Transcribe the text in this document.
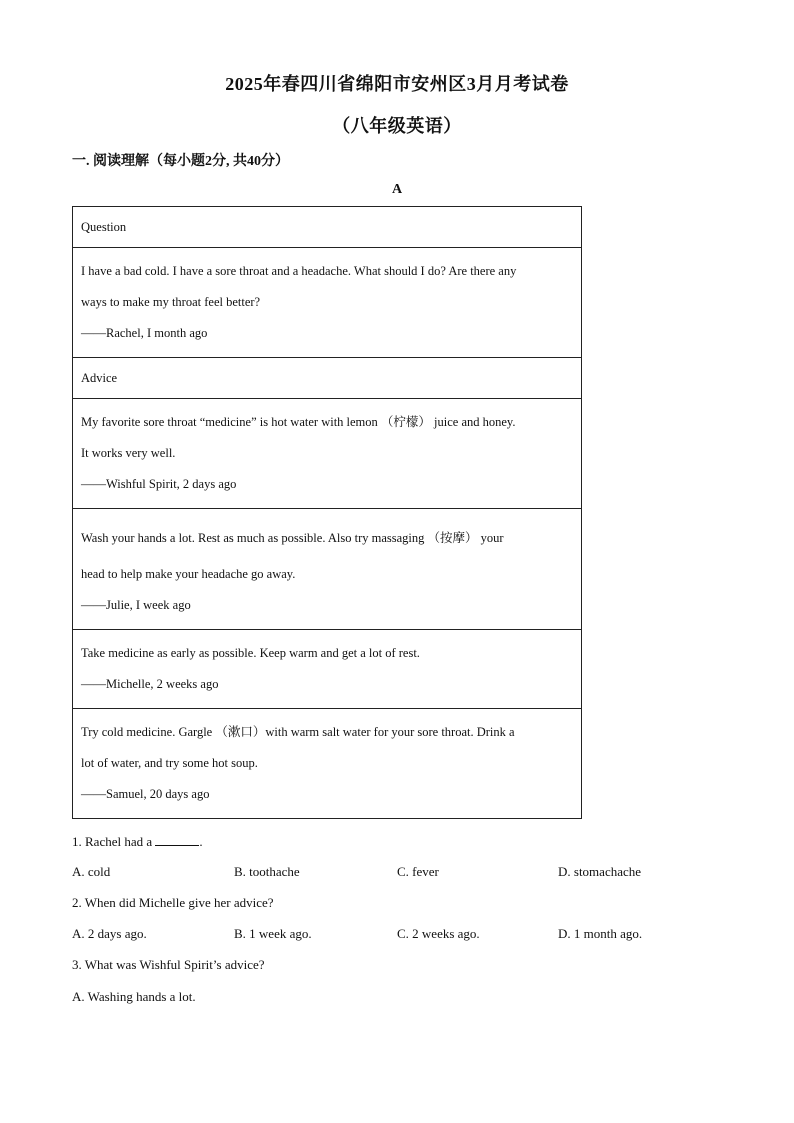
2025年春四川省绵阳市安州区3月月考试卷
（八年级英语）
一. 阅读理解（每小题2分, 共40分）
A
Question

I have a bad cold. I have a sore throat and a headache. What should I do? Are there any

ways to make my throat feel better?

——Rachel, I month ago

Advice

My favorite sore throat “medicine” is hot water with lemon （柠檬） juice and honey.

It works very well.

——Wishful Spirit, 2 days ago

Wash your hands a lot. Rest as much as possible. Also try massaging （按摩） your

head to help make your headache go away.

——Julie, I week ago

Take medicine as early as possible. Keep warm and get a lot of rest.

——Michelle, 2 weeks ago

Try cold medicine. Gargle （漱口）with warm salt water for your sore throat. Drink a

lot of water, and try some hot soup.

——Samuel, 20 days ago

1. Rachel had a	.
A. cold	B. toothache	C. fever	D. stomachache
2. When did Michelle give her advice?
A. 2 days ago.	B. 1 week ago.	C. 2 weeks ago.	D. 1 month ago.
3. What was Wishful Spirit’s advice?
A. Washing hands a lot.
